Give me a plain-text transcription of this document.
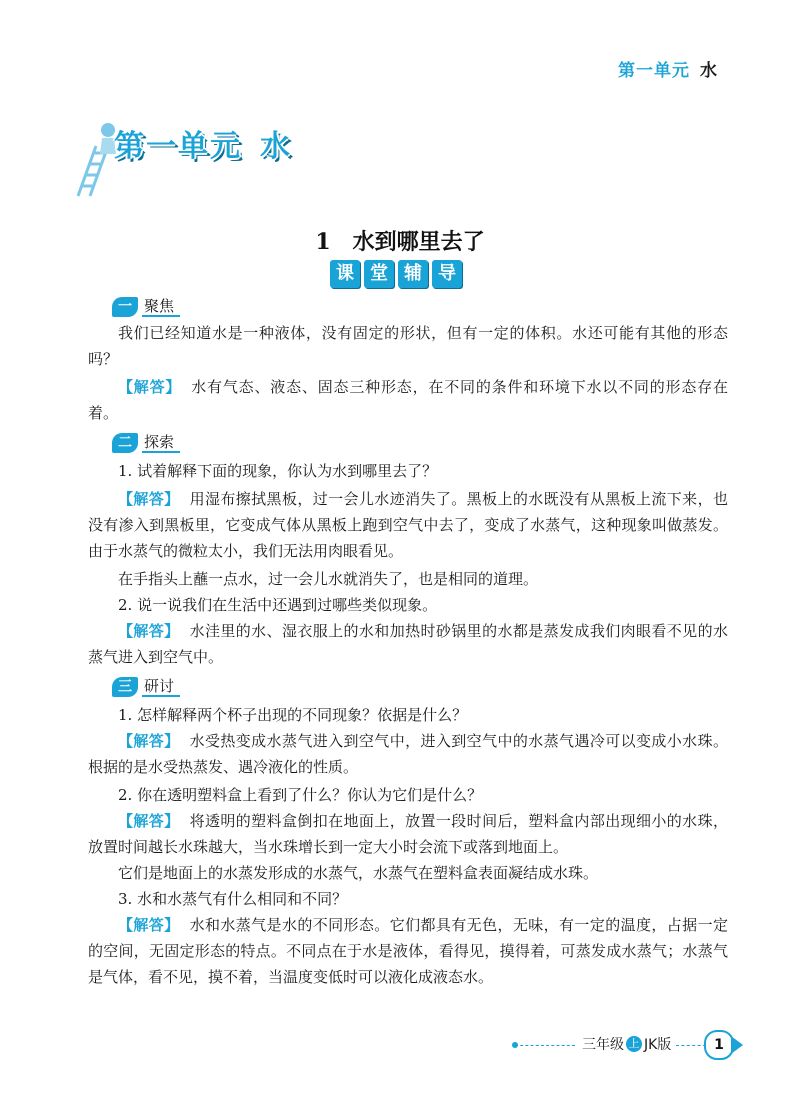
第一单元 水
第一单元 水
1 水到哪里去了
课 堂 辅 导
一 聚焦
我们已经知道水是一种液体，没有固定的形状，但有一定的体积。水还可能有其他的形态吗？
【解答】 水有气态、液态、固态三种形态，在不同的条件和环境下水以不同的形态存在着。
二 探索
1. 试着解释下面的现象，你认为水到哪里去了？
【解答】 用湿布擦拭黑板，过一会儿水迹消失了。黑板上的水既没有从黑板上流下来，也没有渗入到黑板里，它变成气体从黑板上跑到空气中去了，变成了水蒸气，这种现象叫做蒸发。由于水蒸气的微粒太小，我们无法用肉眼看见。
在手指头上蘸一点水，过一会儿水就消失了，也是相同的道理。
2. 说一说我们在生活中还遇到过哪些类似现象。
【解答】 水洼里的水、湿衣服上的水和加热时砂锅里的水都是蒸发成我们肉眼看不见的水蒸气进入到空气中。
三 研讨
1. 怎样解释两个杯子出现的不同现象？依据是什么？
【解答】 水受热变成水蒸气进入到空气中，进入到空气中的水蒸气遇冷可以变成小水珠。根据的是水受热蒸发、遇冷液化的性质。
2. 你在透明塑料盒上看到了什么？你认为它们是什么？
【解答】 将透明的塑料盒倒扣在地面上，放置一段时间后，塑料盒内部出现细小的水珠，放置时间越长水珠越大，当水珠增长到一定大小时会流下或落到地面上。
它们是地面上的水蒸发形成的水蒸气，水蒸气在塑料盒表面凝结成水珠。
3. 水和水蒸气有什么相同和不同？
【解答】 水和水蒸气是水的不同形态。它们都具有无色，无味，有一定的温度，占据一定的空间，无固定形态的特点。不同点在于水是液体，看得见，摸得着，可蒸发成水蒸气；水蒸气是气体，看不见，摸不着，当温度变低时可以液化成液态水。
三年级 上 JK版	1
